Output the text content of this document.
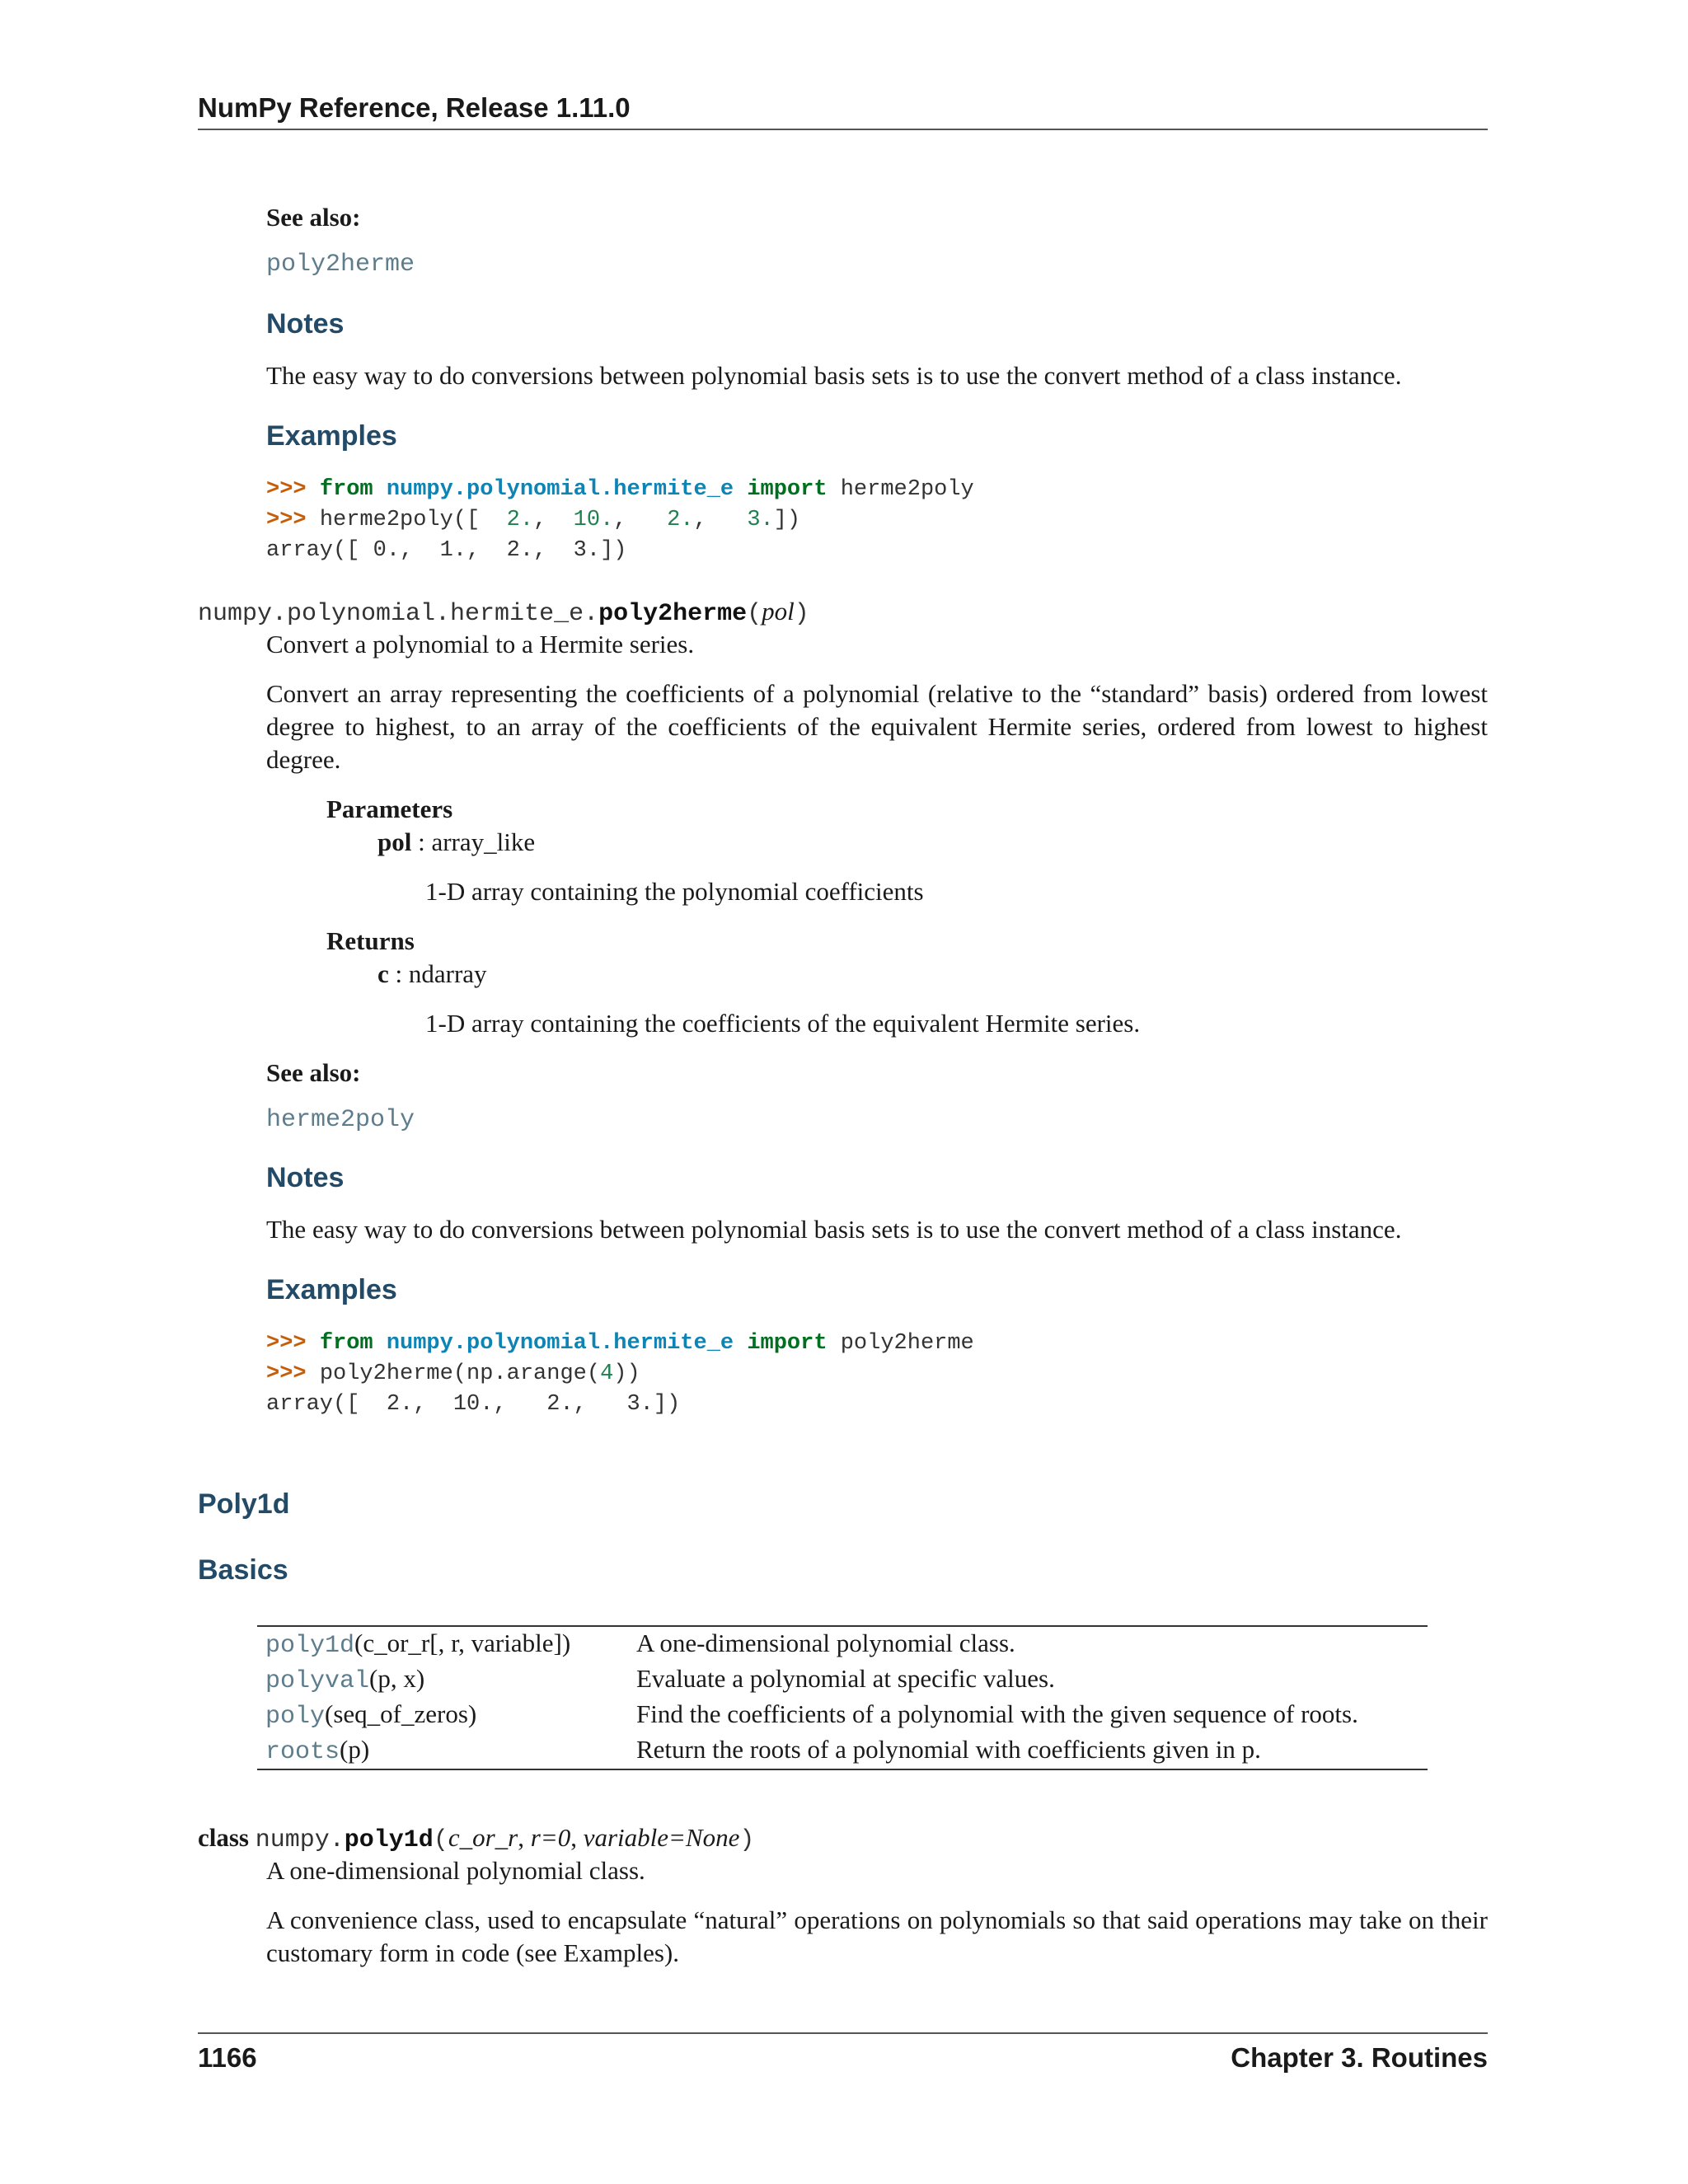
NumPy Reference, Release 1.11.0
See also:
poly2herme
Notes
The easy way to do conversions between polynomial basis sets is to use the convert method of a class instance.
Examples
>>> from numpy.polynomial.hermite_e import herme2poly
>>> herme2poly([ 2.,  10.,   2.,   3.])
array([ 0.,  1.,  2.,  3.])
numpy.polynomial.hermite_e.poly2herme(pol)
Convert a polynomial to a Hermite series.
Convert an array representing the coefficients of a polynomial (relative to the “standard” basis) ordered from lowest degree to highest, to an array of the coefficients of the equivalent Hermite series, ordered from lowest to highest degree.
Parameters
pol : array_like
1-D array containing the polynomial coefficients
Returns
c : ndarray
1-D array containing the coefficients of the equivalent Hermite series.
See also:
herme2poly
Notes
The easy way to do conversions between polynomial basis sets is to use the convert method of a class instance.
Examples
>>> from numpy.polynomial.hermite_e import poly2herme
>>> poly2herme(np.arange(4))
array([  2.,  10.,   2.,   3.])
Poly1d
Basics
poly1d(c_or_r[, r, variable])	A one-dimensional polynomial class.
polyval(p, x)	Evaluate a polynomial at specific values.
poly(seq_of_zeros)	Find the coefficients of a polynomial with the given sequence of roots.
roots(p)	Return the roots of a polynomial with coefficients given in p.
class numpy.poly1d(c_or_r, r=0, variable=None)
A one-dimensional polynomial class.
A convenience class, used to encapsulate “natural” operations on polynomials so that said operations may take on their customary form in code (see Examples).
1166	Chapter 3. Routines
